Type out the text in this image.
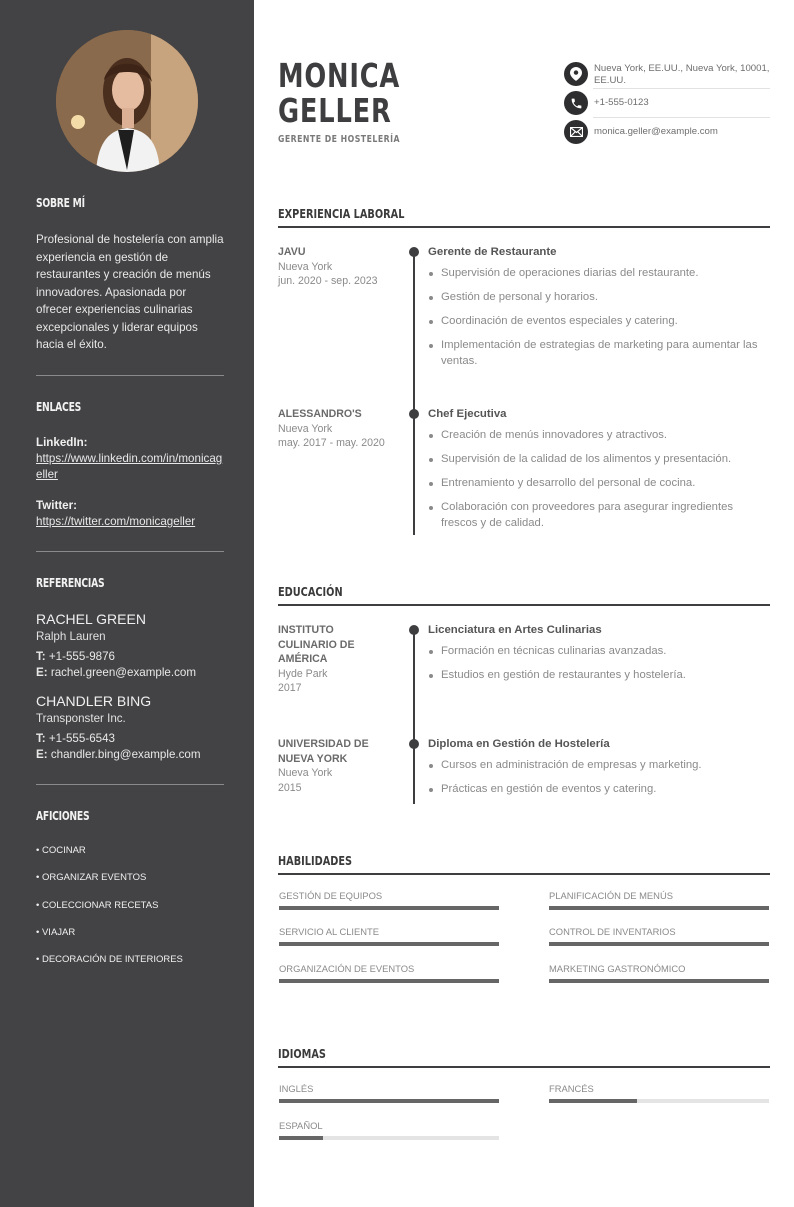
SOBRE MÍ
Profesional de hostelería con amplia experiencia en gestión de restaurantes y creación de menús innovadores. Apasionada por ofrecer experiencias culinarias excepcionales y liderar equipos hacia el éxito.
ENLACES
LinkedIn:
https://www.linkedin.com/in/monicageller
Twitter:
https://twitter.com/monicageller
REFERENCIAS
RACHEL GREEN
Ralph Lauren
T: +1-555-9876
E: rachel.green@example.com
CHANDLER BING
Transponster Inc.
T: +1-555-6543
E: chandler.bing@example.com
AFICIONES
• COCINAR
• ORGANIZAR EVENTOS
• COLECCIONAR RECETAS
• VIAJAR
• DECORACIÓN DE INTERIORES
MONICA
GELLER
GERENTE DE HOSTELERÍA
Nueva York, EE.UU., Nueva York, 10001, EE.UU.
+1-555-0123
monica.geller@example.com
EXPERIENCIA LABORAL
JAVU
Nueva York
jun. 2020 - sep. 2023
Gerente de Restaurante
Supervisión de operaciones diarias del restaurante.
Gestión de personal y horarios.
Coordinación de eventos especiales y catering.
Implementación de estrategias de marketing para aumentar las ventas.
ALESSANDRO'S
Nueva York
may. 2017 - may. 2020
Chef Ejecutiva
Creación de menús innovadores y atractivos.
Supervisión de la calidad de los alimentos y presentación.
Entrenamiento y desarrollo del personal de cocina.
Colaboración con proveedores para asegurar ingredientes frescos y de calidad.
EDUCACIÓN
INSTITUTO CULINARIO DE AMÉRICA
Hyde Park
2017
Licenciatura en Artes Culinarias
Formación en técnicas culinarias avanzadas.
Estudios en gestión de restaurantes y hostelería.
UNIVERSIDAD DE NUEVA YORK
Nueva York
2015
Diploma en Gestión de Hostelería
Cursos en administración de empresas y marketing.
Prácticas en gestión de eventos y catering.
HABILIDADES
GESTIÓN DE EQUIPOS	PLANIFICACIÓN DE MENÚS
SERVICIO AL CLIENTE	CONTROL DE INVENTARIOS
ORGANIZACIÓN DE EVENTOS	MARKETING GASTRONÓMICO
IDIOMAS
INGLÉS	FRANCÉS
ESPAÑOL
